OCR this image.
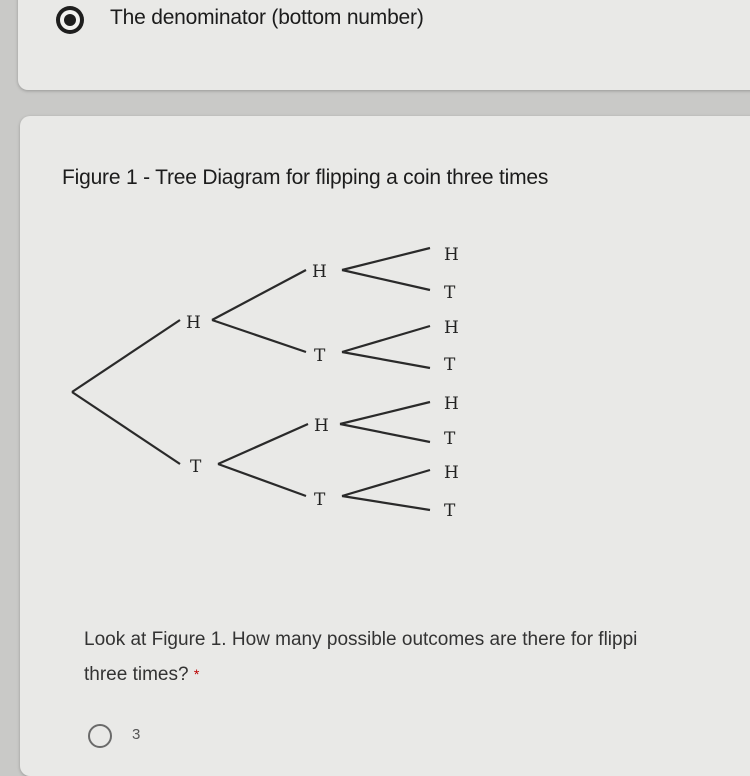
The denominator (bottom number)
Figure 1 - Tree Diagram for flipping a coin three times
H
T
H
T
H
T
H
T
H
T
H
T
H
T
Look at Figure 1. How many possible outcomes are there for flippi
three times? *
3
